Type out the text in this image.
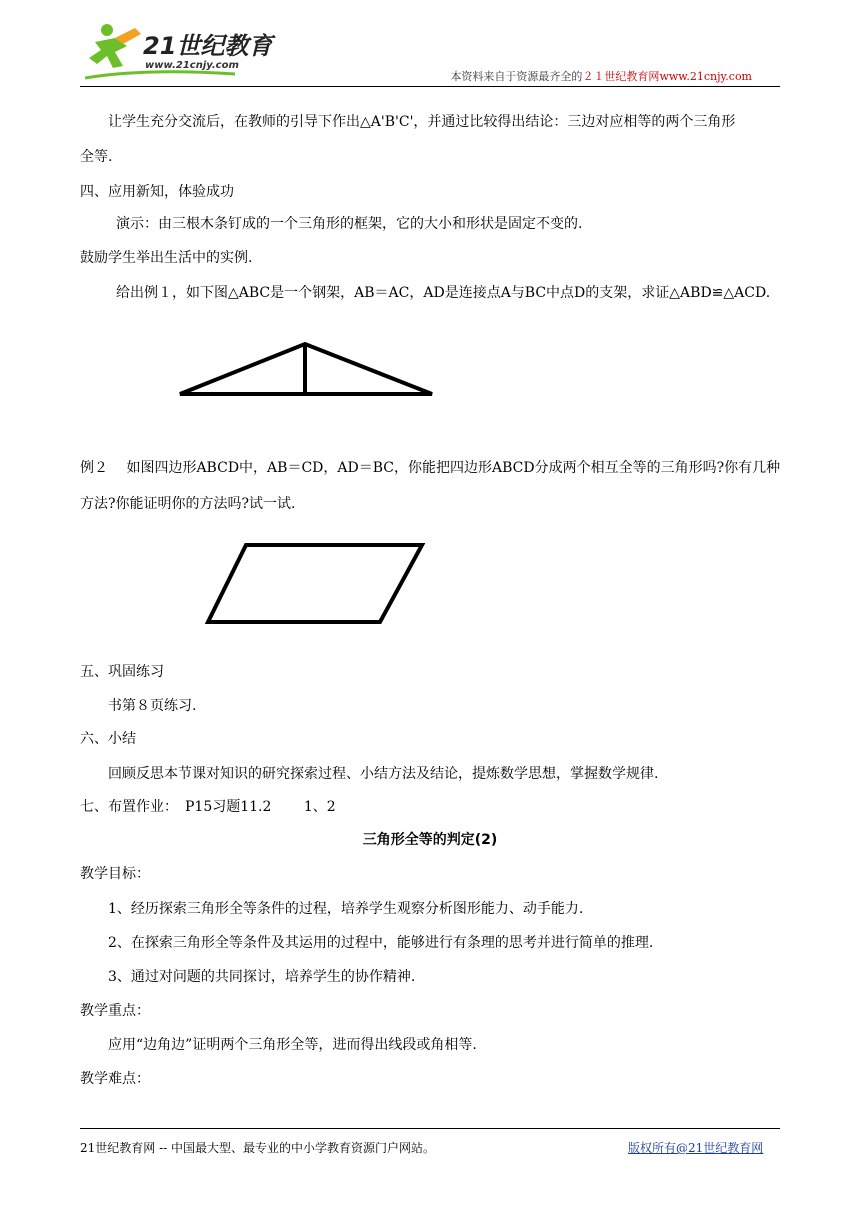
21世纪教育
www.21cnjy.com
本资料来自于资源最齐全的２１世纪教育网www.21cnjy.com
让学生充分交流后，在教师的引导下作出△A'B'C'，并通过比较得出结论：三边对应相等的两个三角形
全等.
四、应用新知，体验成功
演示：由三根木条钉成的一个三角形的框架，它的大小和形状是固定不变的.
鼓励学生举出生活中的实例.
给出例１，如下图△ABC是一个钢架，AB＝AC，AD是连接点A与BC中点D的支架，求证△ABD≌△ACD.
例２　 如图四边形ABCD中，AB＝CD，AD＝BC，你能把四边形ABCD分成两个相互全等的三角形吗?你有几种
方法?你能证明你的方法吗?试一试.
五、巩固练习
书第８页练习.
六、小结
回顾反思本节课对知识的研究探索过程、小结方法及结论，提炼数学思想，掌握数学规律.
七、布置作业：　P15习题11.2　　 1、2
三角形全等的判定(2)
教学目标：
1、经历探索三角形全等条件的过程，培养学生观察分析图形能力、动手能力.
2、在探索三角形全等条件及其运用的过程中，能够进行有条理的思考并进行简单的推理.
3、通过对问题的共同探讨，培养学生的协作精神.
教学重点：
应用“边角边”证明两个三角形全等，进而得出线段或角相等.
教学难点：
21世纪教育网 -- 中国最大型、最专业的中小学教育资源门户网站。	版权所有@21世纪教育网
